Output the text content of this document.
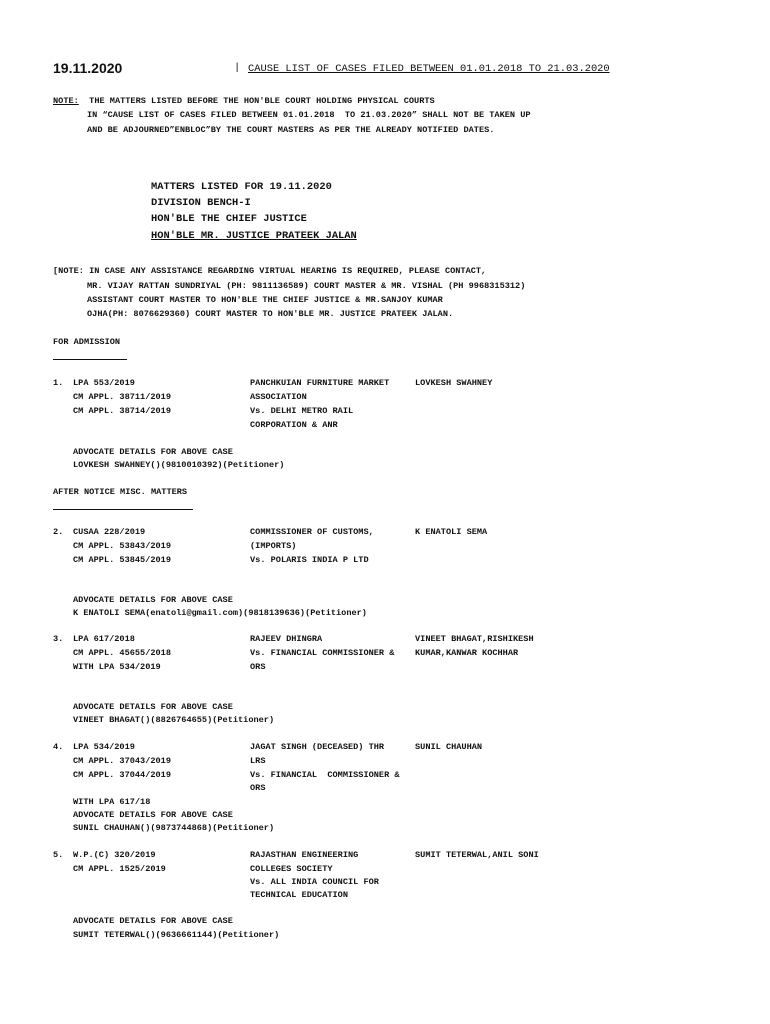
19.11.2020	| CAUSE LIST OF CASES FILED BETWEEN 01.01.2018 TO 21.03.2020
NOTE: THE MATTERS LISTED BEFORE THE HON'BLE COURT HOLDING PHYSICAL COURTS
IN “CAUSE LIST OF CASES FILED BETWEEN 01.01.2018  TO 21.03.2020” SHALL NOT BE TAKEN UP
AND BE ADJOURNED”ENBLOC”BY THE COURT MASTERS AS PER THE ALREADY NOTIFIED DATES.
MATTERS LISTED FOR 19.11.2020
DIVISION BENCH-I
HON'BLE THE CHIEF JUSTICE
HON'BLE MR. JUSTICE PRATEEK JALAN
[NOTE: IN CASE ANY ASSISTANCE REGARDING VIRTUAL HEARING IS REQUIRED, PLEASE CONTACT,
MR. VIJAY RATTAN SUNDRIYAL (PH: 9811136589) COURT MASTER & MR. VISHAL (PH 9968315312)
ASSISTANT COURT MASTER TO HON'BLE THE CHIEF JUSTICE & MR.SANJOY KUMAR
OJHA(PH: 8076629360) COURT MASTER TO HON'BLE MR. JUSTICE PRATEEK JALAN.
FOR ADMISSION
1. LPA 553/2019
CM APPL. 38711/2019
CM APPL. 38714/2019
PANCHKUIAN FURNITURE MARKET
ASSOCIATION
Vs. DELHI METRO RAIL
CORPORATION & ANR
LOVKESH SWAHNEY
ADVOCATE DETAILS FOR ABOVE CASE
LOVKESH SWAHNEY()(9810010392)(Petitioner)
AFTER NOTICE MISC. MATTERS
2. CUSAA 228/2019
CM APPL. 53843/2019
CM APPL. 53845/2019
COMMISSIONER OF CUSTOMS,
(IMPORTS)
Vs. POLARIS INDIA P LTD
K ENATOLI SEMA
ADVOCATE DETAILS FOR ABOVE CASE
K ENATOLI SEMA(enatoli@gmail.com)(9818139636)(Petitioner)
3. LPA 617/2018
CM APPL. 45655/2018
WITH LPA 534/2019
RAJEEV DHINGRA
Vs. FINANCIAL COMMISSIONER &
ORS
VINEET BHAGAT,RISHIKESH
KUMAR,KANWAR KOCHHAR
ADVOCATE DETAILS FOR ABOVE CASE
VINEET BHAGAT()(8826764655)(Petitioner)
4. LPA 534/2019
CM APPL. 37043/2019
CM APPL. 37044/2019
WITH LPA 617/18
JAGAT SINGH (DECEASED) THR
LRS
Vs. FINANCIAL  COMMISSIONER &
ORS
SUNIL CHAUHAN
ADVOCATE DETAILS FOR ABOVE CASE
SUNIL CHAUHAN()(9873744868)(Petitioner)
5. W.P.(C) 320/2019
CM APPL. 1525/2019
RAJASTHAN ENGINEERING
COLLEGES SOCIETY
Vs. ALL INDIA COUNCIL FOR
TECHNICAL EDUCATION
SUMIT TETERWAL,ANIL SONI
ADVOCATE DETAILS FOR ABOVE CASE
SUMIT TETERWAL()(9636661144)(Petitioner)
